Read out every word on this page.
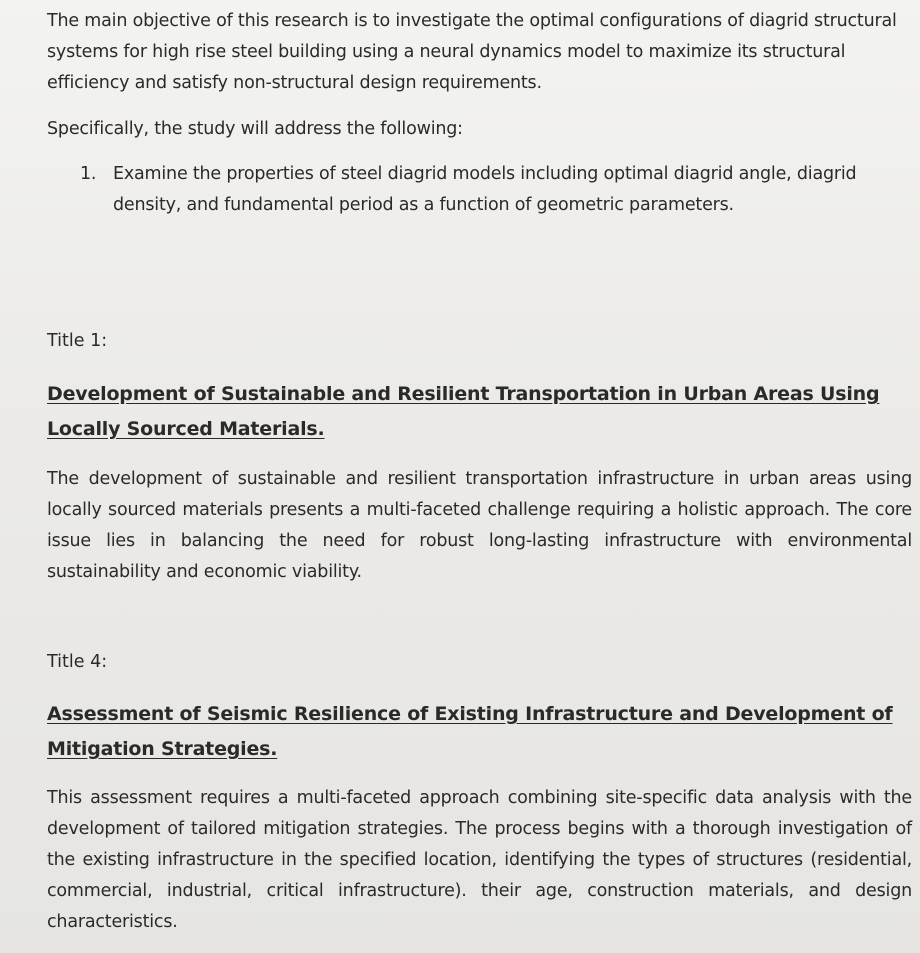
The main objective of this research is to investigate the optimal configurations of diagrid structural systems for high rise steel building using a neural dynamics model to maximize its structural efficiency and satisfy non-structural design requirements.

Specifically, the study will address the following:

1. Examine the properties of steel diagrid models including optimal diagrid angle, diagrid density, and fundamental period as a function of geometric parameters.

Title 1:

Development of Sustainable and Resilient Transportation in Urban Areas Using Locally Sourced Materials.

The development of sustainable and resilient transportation infrastructure in urban areas using locally sourced materials presents a multi-faceted challenge requiring a holistic approach. The core issue lies in balancing the need for robust long-lasting infrastructure with environmental sustainability and economic viability.

Title 4:

Assessment of Seismic Resilience of Existing Infrastructure and Development of Mitigation Strategies.

This assessment requires a multi-faceted approach combining site-specific data analysis with the development of tailored mitigation strategies. The process begins with a thorough investigation of the existing infrastructure in the specified location, identifying the types of structures (residential, commercial, industrial, critical infrastructure). their age, construction materials, and design characteristics.
